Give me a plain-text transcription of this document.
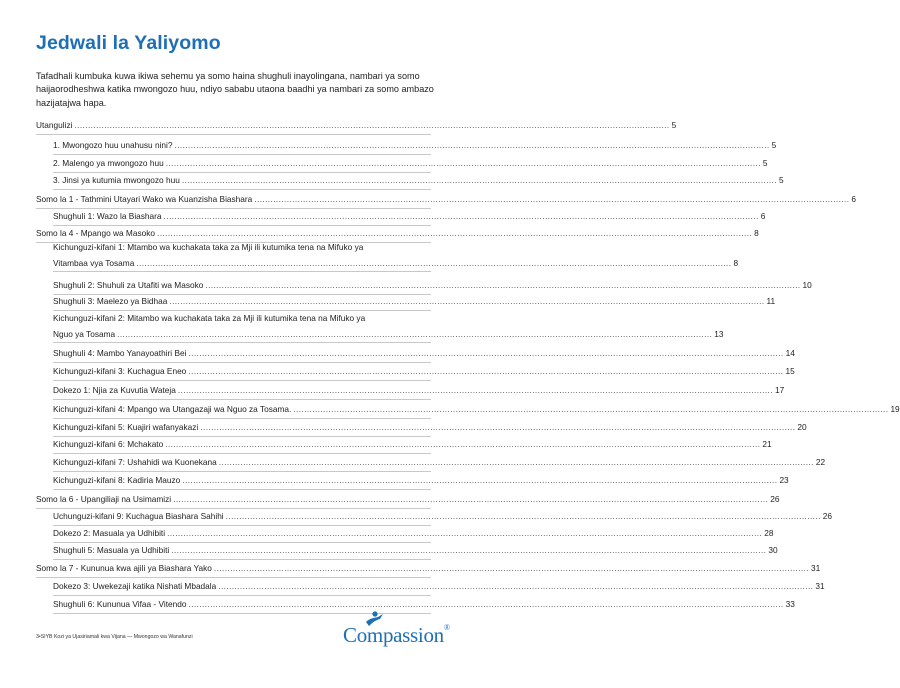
Jedwali la Yaliyomo
Tafadhali kumbuka kuwa ikiwa sehemu ya somo haina shughuli inayolingana, nambari ya somo haijaorodheshwa katika mwongozo huu, ndiyo sababu utaona baadhi ya nambari za somo ambazo hazijatajwa hapa.
Utangulizi ............................................................................................................................................................................................................................ 5
1. Mwongozo huu unahusu nini? ............................................................................................................................................................................................................................ 5
2. Malengo ya mwongozo huu ............................................................................................................................................................................................................................ 5
3. Jinsi ya kutumia mwongozo huu ............................................................................................................................................................................................................................ 5
Somo la 1 - Tathmini Utayari Wako wa Kuanzisha Biashara ............................................................................................................................................................................................................................ 6
Shughuli 1: Wazo la Biashara ............................................................................................................................................................................................................................ 6
Somo la 4 - Mpango wa Masoko ............................................................................................................................................................................................................................ 8
Kichunguzi-kifani 1: Mtambo wa kuchakata taka za Mji ili kutumika tena na Mifuko ya
Vitambaa vya Tosama ............................................................................................................................................................................................................................ 8
Shughuli 2: Shuhuli za Utafiti wa Masoko ............................................................................................................................................................................................................................ 10
Shughuli 3: Maelezo ya Bidhaa ............................................................................................................................................................................................................................ 11
Kichunguzi-kifani 2: Mitambo wa kuchakata taka za Mji ili kutumika tena na Mifuko ya
Nguo ya Tosama ............................................................................................................................................................................................................................ 13
Shughuli 4: Mambo Yanayoathiri Bei ............................................................................................................................................................................................................................ 14
Kichunguzi-kifani 3: Kuchagua Eneo ............................................................................................................................................................................................................................ 15
Dokezo 1: Njia za Kuvutia Wateja ............................................................................................................................................................................................................................ 17
Kichunguzi-kifani 4: Mpango wa Utangazaji wa Nguo za Tosama. ............................................................................................................................................................................................................................ 19
Kichunguzi-kifani 5: Kuajiri wafanyakazi ............................................................................................................................................................................................................................ 20
Kichunguzi-kifani 6: Mchakato ............................................................................................................................................................................................................................ 21
Kichunguzi-kifani 7: Ushahidi wa Kuonekana ............................................................................................................................................................................................................................ 22
Kichunguzi-kifani 8: Kadiria Mauzo ............................................................................................................................................................................................................................ 23
Somo la 6 - Upangiliaji na Usimamizi ............................................................................................................................................................................................................................ 26
Uchunguzi-kifani 9: Kuchagua Biashara Sahihi ............................................................................................................................................................................................................................ 26
Dokezo 2: Masuala ya Udhibiti ............................................................................................................................................................................................................................ 28
Shughuli 5: Masuala ya Udhibiti ............................................................................................................................................................................................................................ 30
Somo la 7 - Kununua kwa ajili ya Biashara Yako ............................................................................................................................................................................................................................ 31
Dokezo 3: Uwekezaji katika Nishati Mbadala ............................................................................................................................................................................................................................ 31
Shughuli 6: Kununua Vifaa - Vitendo ............................................................................................................................................................................................................................ 33
3•SIYB Kozi ya Ujasiriamali kwa Vijana — Mwongozo wa Wanafunzi	Compassion®
